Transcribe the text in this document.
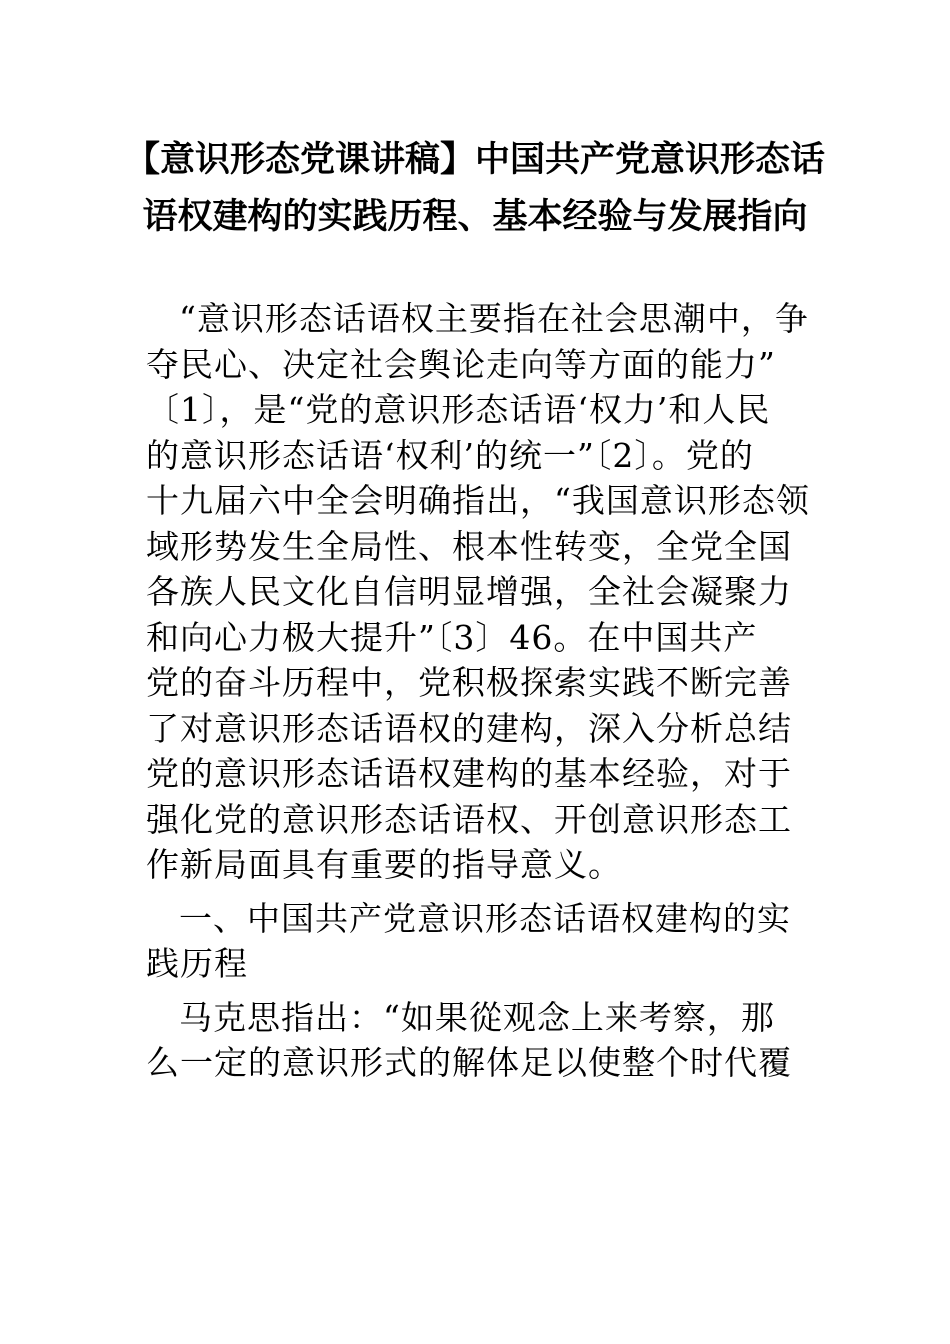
【意识形态党课讲稿】中国共产党意识形态话
语权建构的实践历程、基本经验与发展指向

“意识形态话语权主要指在社会思潮中，争
夺民心、决定社会舆论走向等方面的能力”
〔1〕，是“党的意识形态话语‘权力’和人民
的意识形态话语‘权利’的统一”〔2〕。党的
十九届六中全会明确指出，“我国意识形态领
域形势发生全局性、根本性转变，全党全国
各族人民文化自信明显增强，全社会凝聚力
和向心力极大提升”〔3〕46。在中国共产
党的奋斗历程中，党积极探索实践不断完善
了对意识形态话语权的建构，深入分析总结
党的意识形态话语权建构的基本经验，对于
强化党的意识形态话语权、开创意识形态工
作新局面具有重要的指导意义。

一、中国共产党意识形态话语权建构的实
践历程

马克思指出：“如果從观念上来考察，那
么一定的意识形式的解体足以使整个时代覆
